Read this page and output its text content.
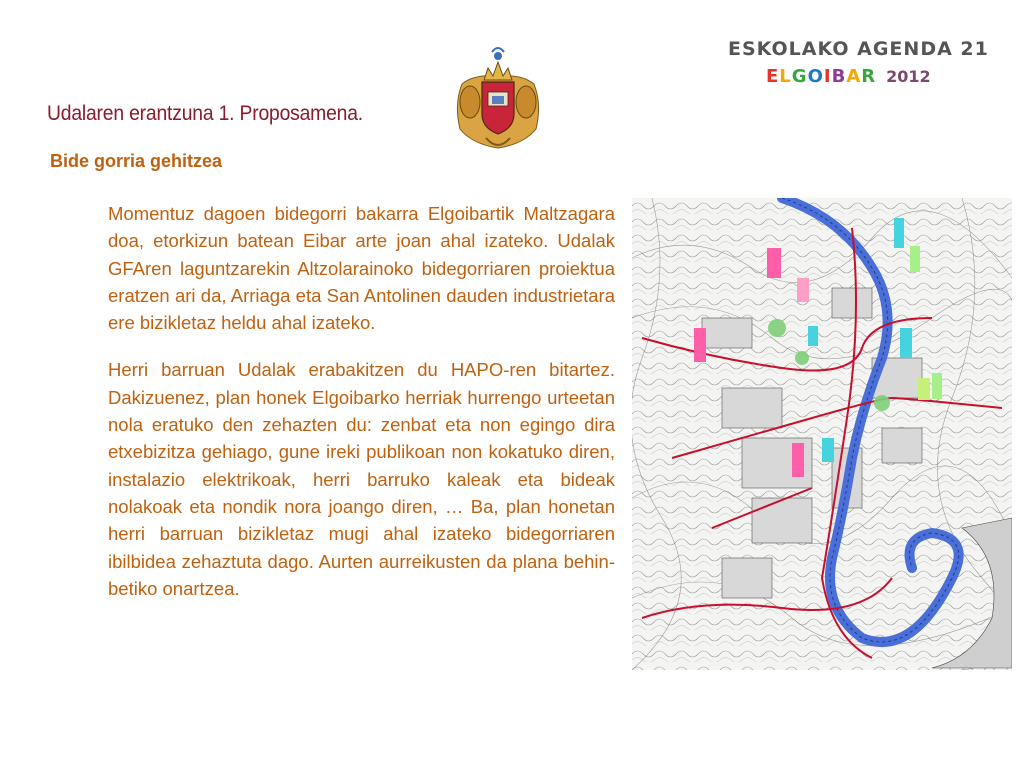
Udalaren erantzuna 1. Proposamena.
ESKOLAKO AGENDA 21
ELGOIBAR 2012
Bide gorria gehitzea

Momentuz dagoen bidegorri bakarra Elgoibartik Maltzagara doa, etorkizun batean Eibar arte joan ahal izateko. Udalak GFAren laguntzarekin Altzolarainoko bidegorriaren proiektua eratzen ari da, Arriaga eta San Antolinen dauden industrietara ere bizikletaz heldu ahal izateko.

Herri barruan Udalak erabakitzen du HAPO-ren bitartez. Dakizuenez, plan honek Elgoibarko herriak hurrengo urteetan nola eratuko den zehazten du: zenbat eta non egingo dira etxebizitza gehiago, gune ireki publikoan non kokatuko diren, instalazio elektrikoak, herri barruko kaleak eta bideak nolakoak eta nondik nora joango diren, … Ba, plan honetan herri barruan bizikletaz mugi ahal izateko bidegorriaren ibilbidea zehaztuta dago. Aurten aurreikusten da plana behin-betiko onartzea.
